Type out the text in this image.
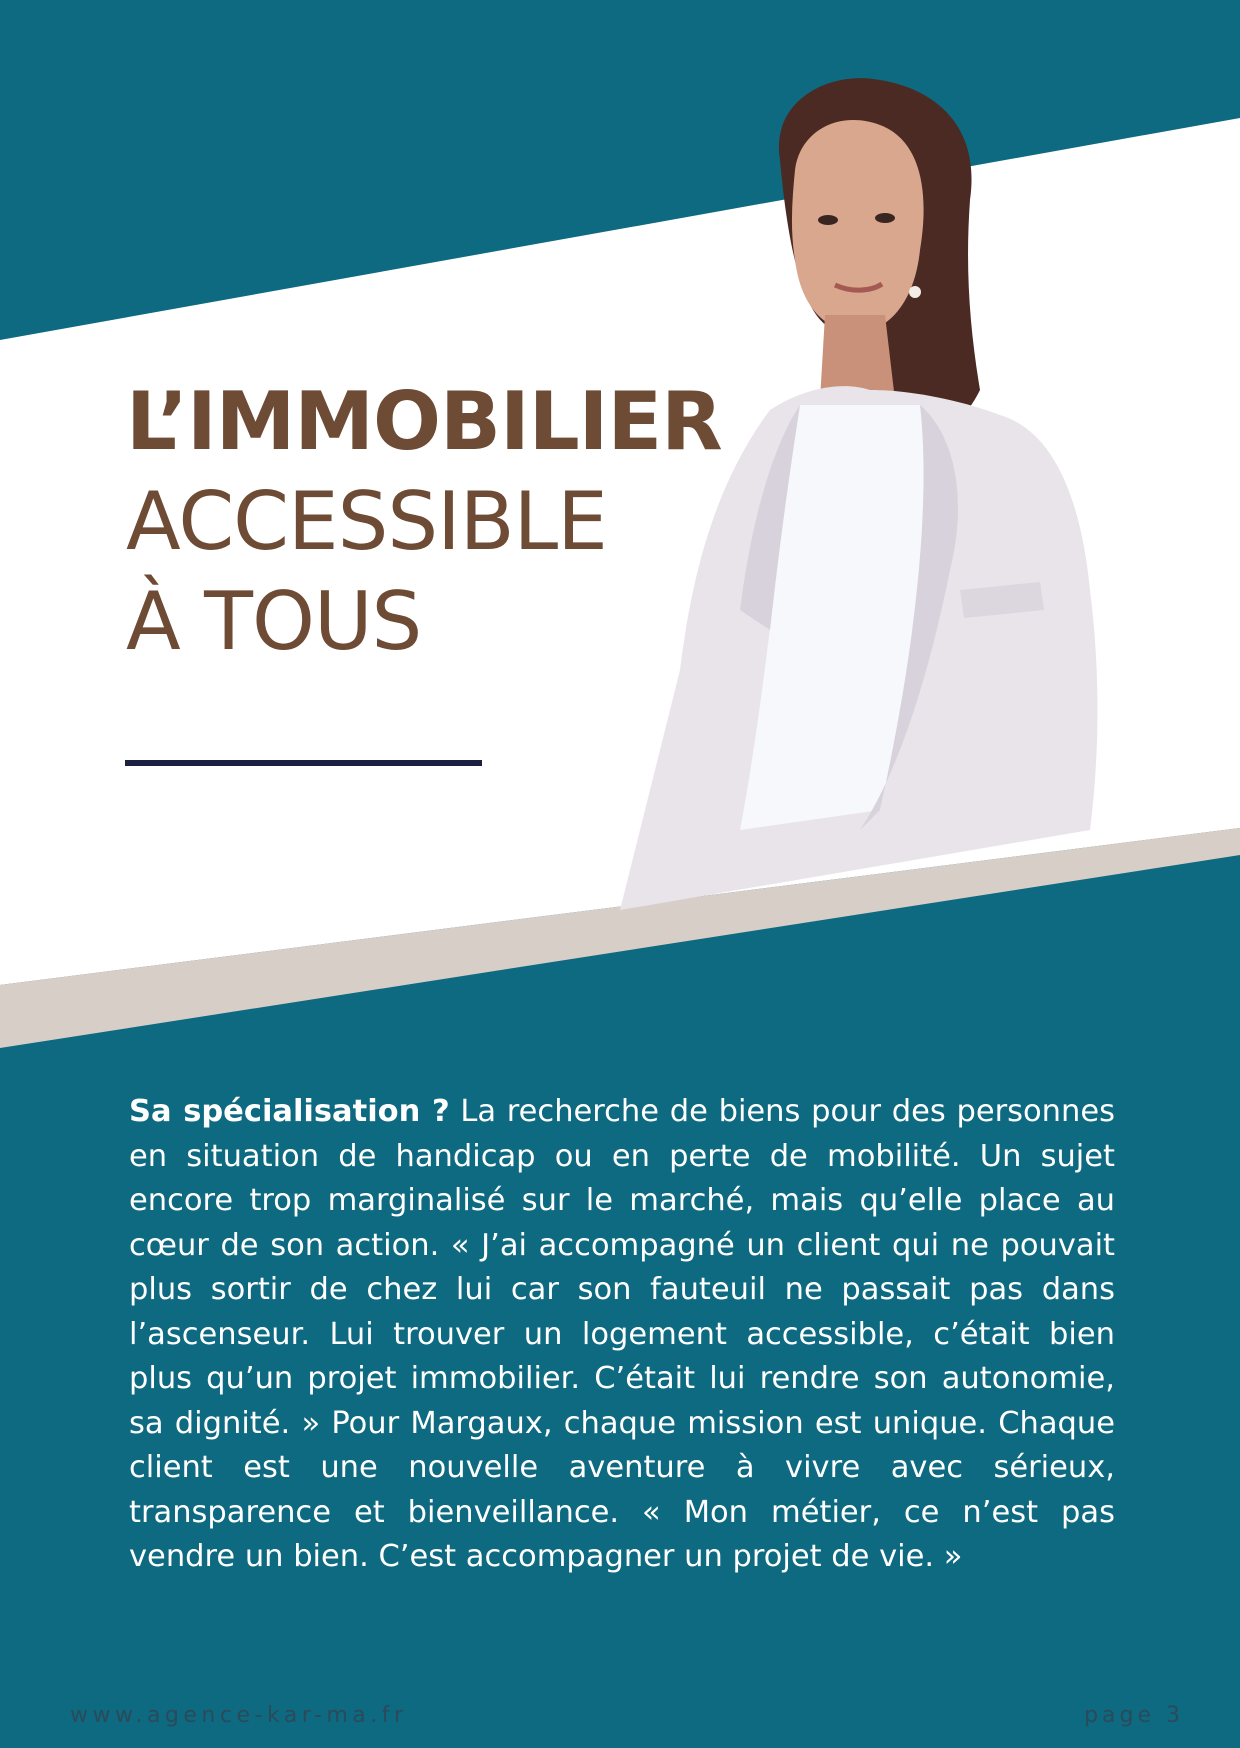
L’IMMOBILIER
ACCESSIBLE
À TOUS

Sa spécialisation ? La recherche de biens pour des personnes en situation de handicap ou en perte de mobilité. Un sujet encore trop marginalisé sur le marché, mais qu’elle place au cœur de son action. « J’ai accompagné un client qui ne pouvait plus sortir de chez lui car son fauteuil ne passait pas dans l’ascenseur. Lui trouver un logement accessible, c’était bien plus qu’un projet immobilier. C’était lui rendre son autonomie, sa dignité. » Pour Margaux, chaque mission est unique. Chaque client est une nouvelle aventure à vivre avec sérieux, transparence et bienveillance. « Mon métier, ce n’est pas vendre un bien. C’est accompagner un projet de vie. »

www.agence-kar-ma.fr	page 3
